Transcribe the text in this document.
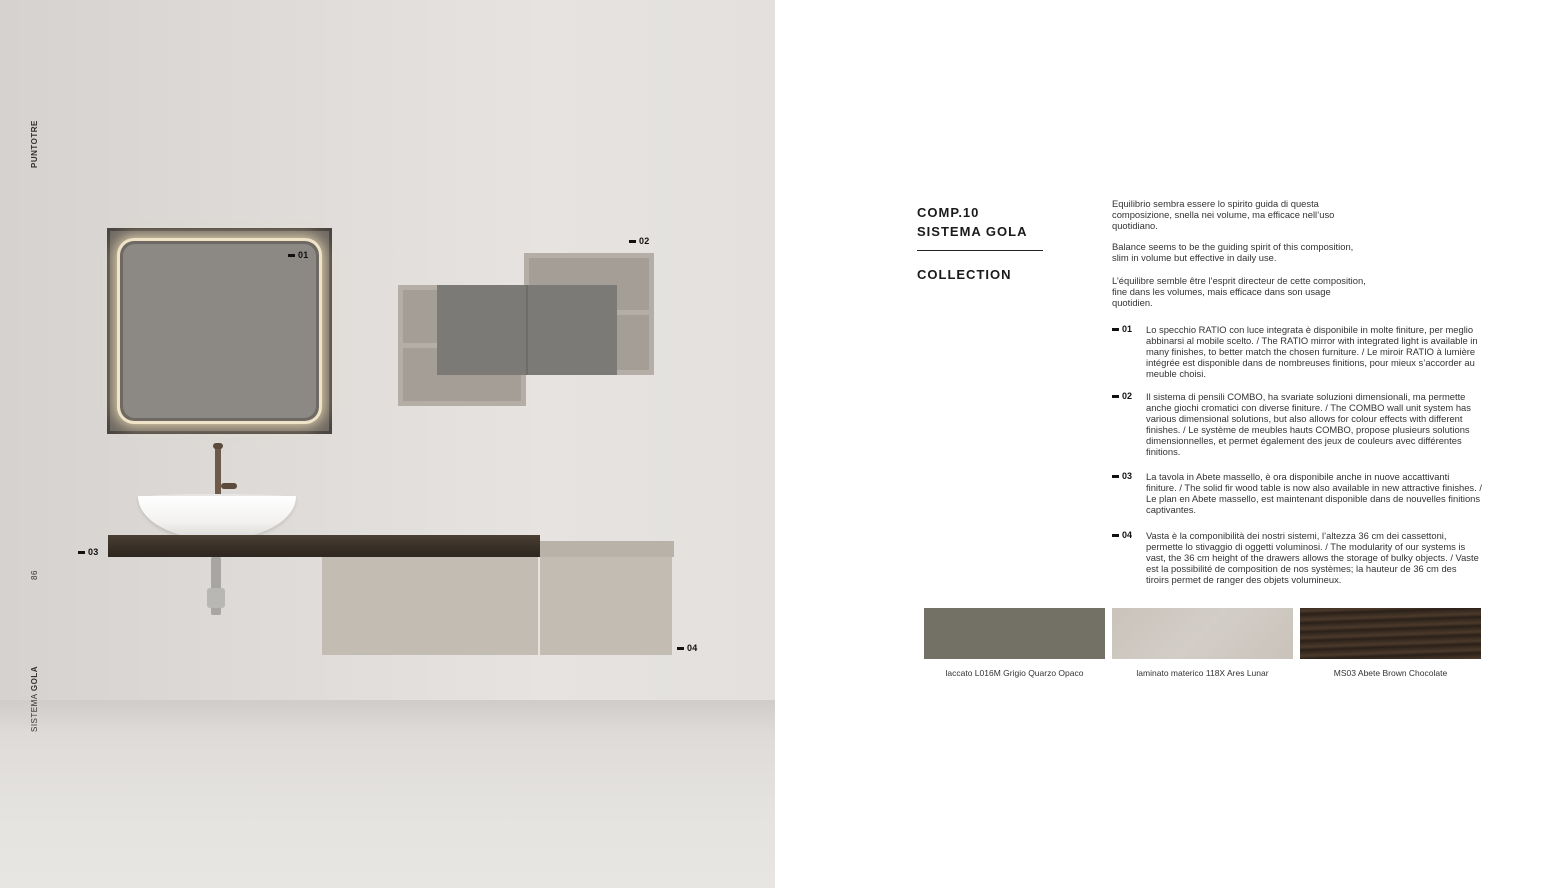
PUNTOTRE
86
SISTEMA GOLA
01
02
03
04
COMP.10
SISTEMA GOLA
COLLECTION
Equilibrio sembra essere lo spirito guida di questa composizione, snella nei volume, ma efficace nell’uso quotidiano.
Balance seems to be the guiding spirit of this composition, slim in volume but effective in daily use.
L’équilibre semble être l’esprit directeur de cette composition, fine dans les volumes, mais efficace dans son usage quotidien.
01 Lo specchio RATIO con luce integrata è disponibile in molte finiture, per meglio abbinarsi al mobile scelto. / The RATIO mirror with integrated light is available in many finishes, to better match the chosen furniture. / Le miroir RATIO à lumière intégrée est disponible dans de nombreuses finitions, pour mieux s’accorder au meuble choisi.
02 Il sistema di pensili COMBO, ha svariate soluzioni dimensionali, ma permette anche giochi cromatici con diverse finiture. / The COMBO wall unit system has various dimensional solutions, but also allows for colour effects with different finishes. / Le système de meubles hauts COMBO, propose plusieurs solutions dimensionnelles, et permet également des jeux de couleurs avec différentes finitions.
03 La tavola in Abete massello, è ora disponibile anche in nuove accattivanti finiture. / The solid fir wood table is now also available in new attractive finishes. / Le plan en Abete massello, est maintenant disponible dans de nouvelles finitions captivantes.
04 Vasta è la componibilità dei nostri sistemi, l’altezza 36 cm dei cassettoni, permette lo stivaggio di oggetti voluminosi. / The modularity of our systems is vast, the 36 cm height of the drawers allows the storage of bulky objects. / Vaste est la possibilité de composition de nos systèmes; la hauteur de 36 cm des tiroirs permet de ranger des objets volumineux.
laccato L016M Grigio Quarzo Opaco	laminato materico 118X Ares Lunar	MS03 Abete Brown Chocolate
